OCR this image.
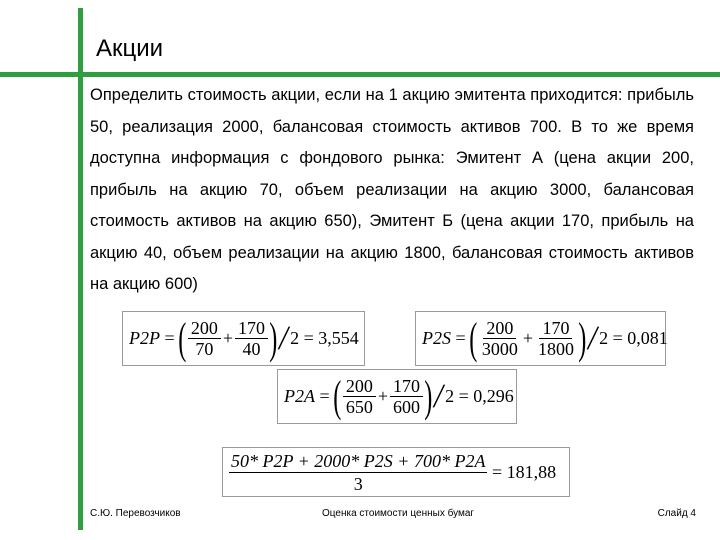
Акции
Определить стоимость акции, если на 1 акцию эмитента приходится: прибыль 50, реализация 2000, балансовая стоимость активов 700. В то же время доступна информация с фондового рынка: Эмитент А (цена акции 200, прибыль на акцию 70, объем реализации на акцию 3000, балансовая стоимость активов на акцию 650), Эмитент Б (цена акции 170, прибыль на акцию 40, объем реализации на акцию 1800, балансовая стоимость активов на акцию 600)
P2P = ( $\frac{200}{70} + \frac{170}{40}$ )
/ 2 = 3,554	P2S = ( $\frac{200}{3000} + \frac{170}{1800}$ )
/ 2 = 0,081
P2A = ( $\frac{200}{650} + \frac{170}{600}$ )
/ 2 = 0,296
$\frac{50* P2P + 2000* P2S + 700* P2A}{3} = 181,88$
С.Ю. Перевозчиков	Оценка стоимости ценных бумаг	Слайд 4
